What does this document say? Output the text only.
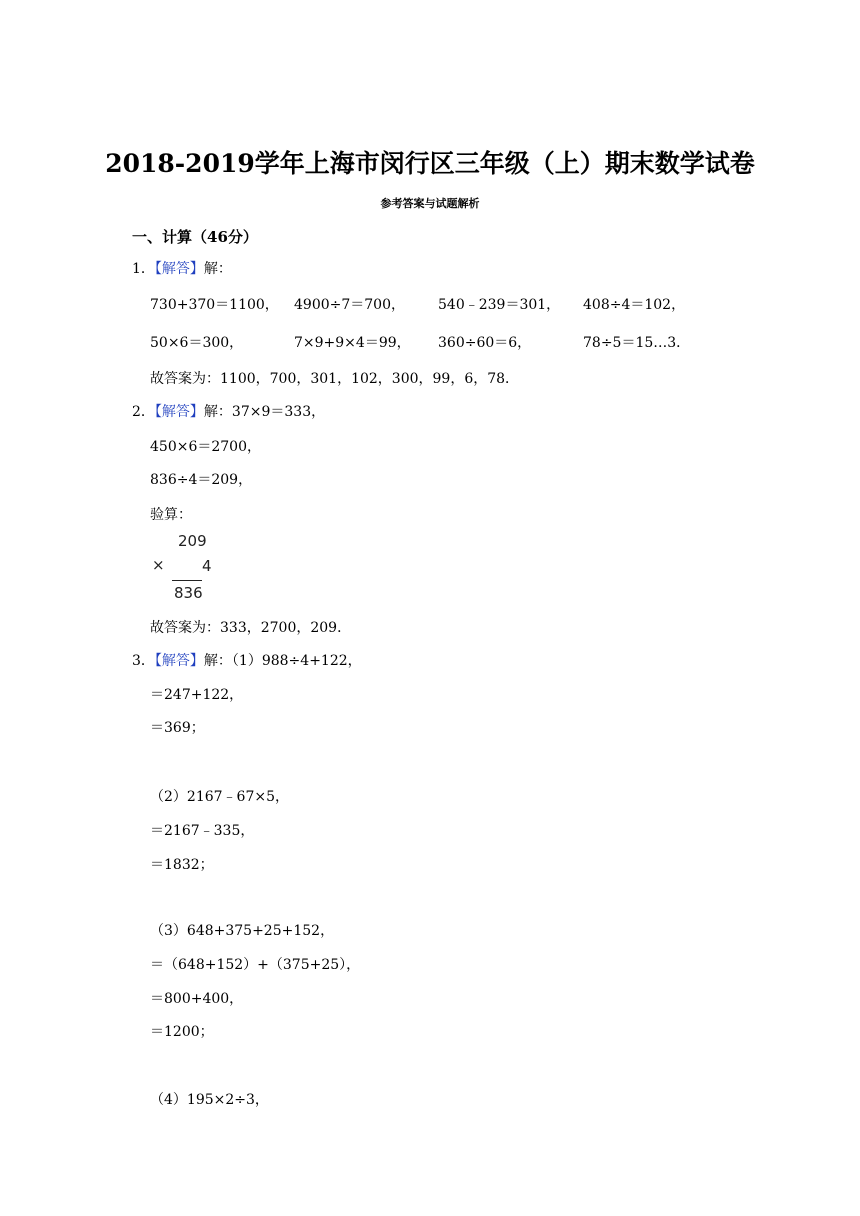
2018-2019学年上海市闵行区三年级（上）期末数学试卷
参考答案与试题解析
一、计算（46分）
1．【解答】解：
730+370＝1100， 4900÷7＝700， 540﹣239＝301， 408÷4＝102，
50×6＝300，	7×9+9×4＝99， 360÷60＝6，	78÷5＝15…3．
故答案为：1100，700，301，102，300，99，6，78．
2．【解答】解：37×9＝333，
450×6＝2700，
836÷4＝209，
验算：
209
× 4
836
故答案为：333，2700，209．
3．【解答】解：（1）988÷4+122，
＝247+122，
＝369；
（2）2167﹣67×5，
＝2167﹣335，
＝1832；
（3）648+375+25+152，
＝（648+152）+（375+25），
＝800+400，
＝1200；
（4）195×2÷3，
